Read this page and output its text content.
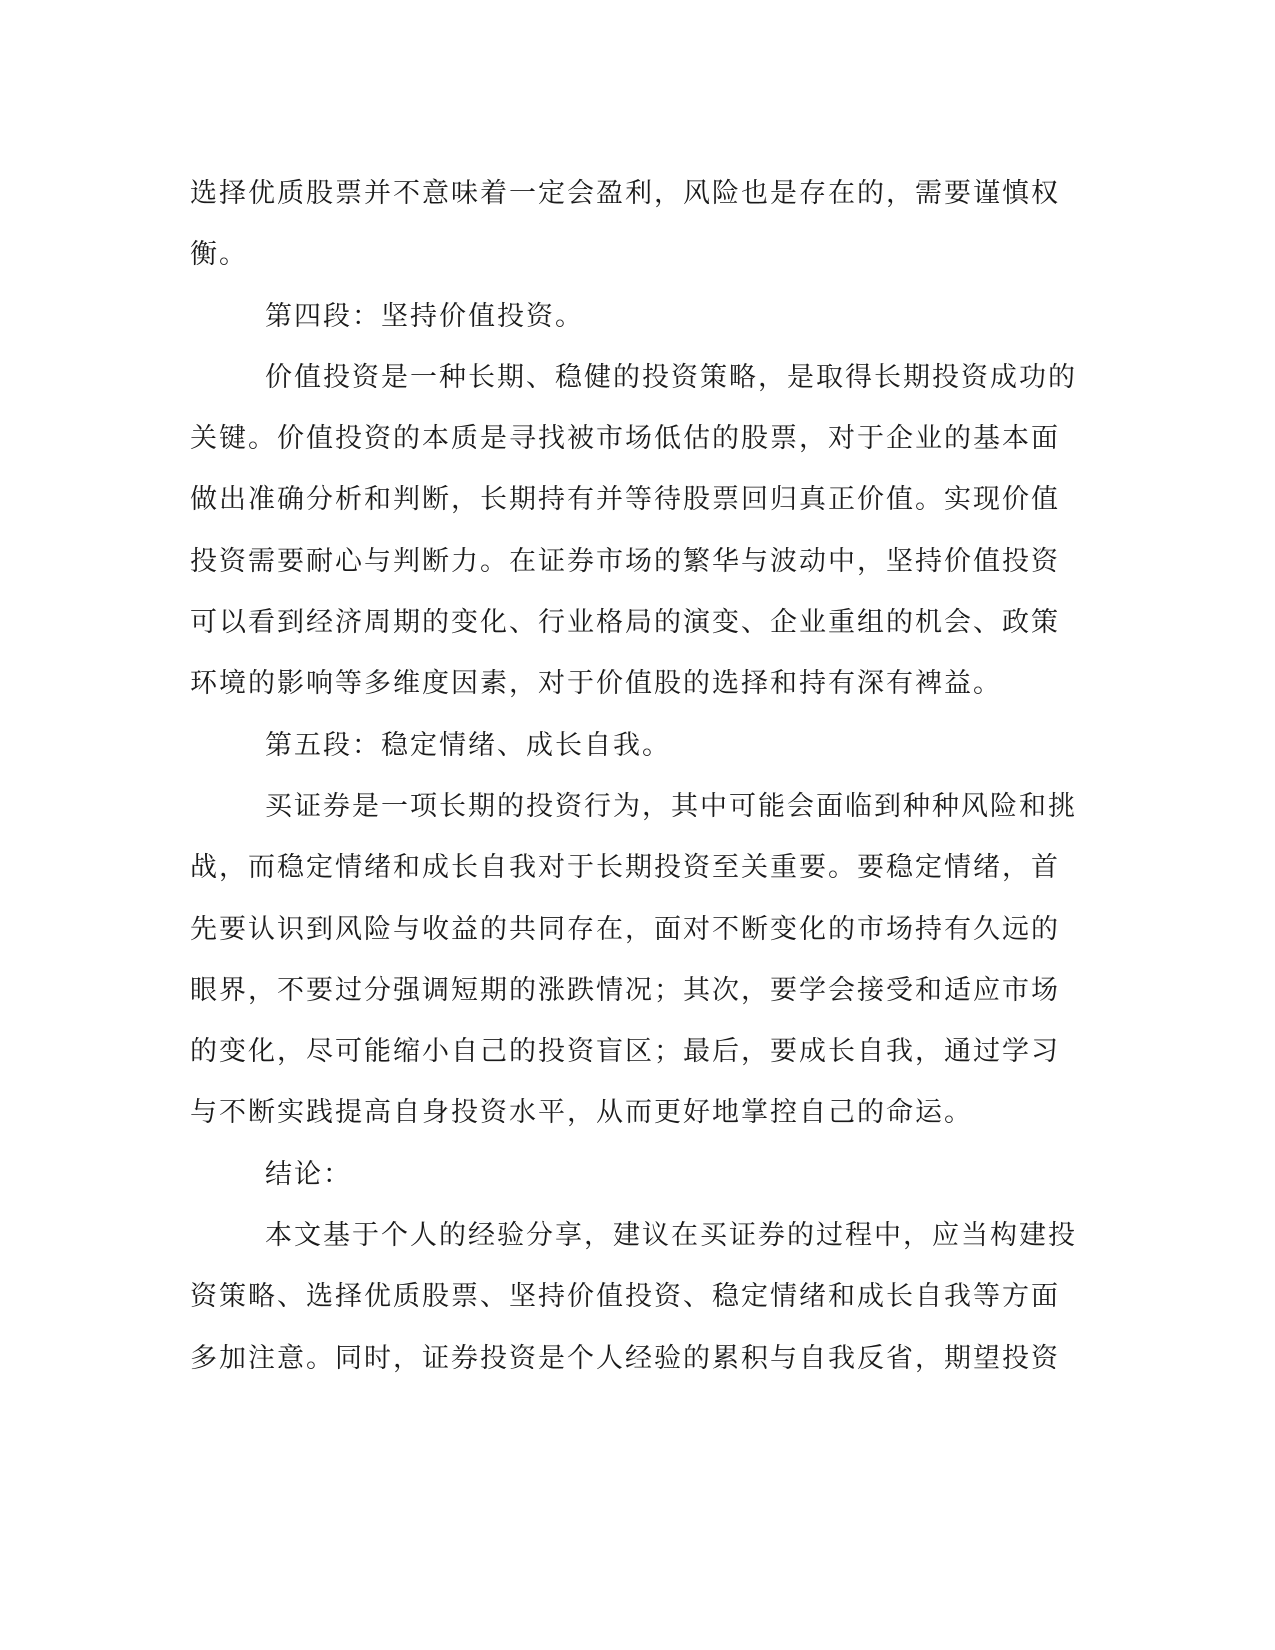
选择优质股票并不意味着一定会盈利，风险也是存在的，需要谨慎权
衡。
第四段：坚持价值投资。
价值投资是一种长期、稳健的投资策略，是取得长期投资成功的
关键。价值投资的本质是寻找被市场低估的股票，对于企业的基本面
做出准确分析和判断，长期持有并等待股票回归真正价值。实现价值
投资需要耐心与判断力。在证券市场的繁华与波动中，坚持价值投资
可以看到经济周期的变化、行业格局的演变、企业重组的机会、政策
环境的影响等多维度因素，对于价值股的选择和持有深有裨益。
第五段：稳定情绪、成长自我。
买证券是一项长期的投资行为，其中可能会面临到种种风险和挑
战，而稳定情绪和成长自我对于长期投资至关重要。要稳定情绪，首
先要认识到风险与收益的共同存在，面对不断变化的市场持有久远的
眼界，不要过分强调短期的涨跌情况；其次，要学会接受和适应市场
的变化，尽可能缩小自己的投资盲区；最后，要成长自我，通过学习
与不断实践提高自身投资水平，从而更好地掌控自己的命运。
结论：
本文基于个人的经验分享，建议在买证券的过程中，应当构建投
资策略、选择优质股票、坚持价值投资、稳定情绪和成长自我等方面
多加注意。同时，证券投资是个人经验的累积与自我反省，期望投资
